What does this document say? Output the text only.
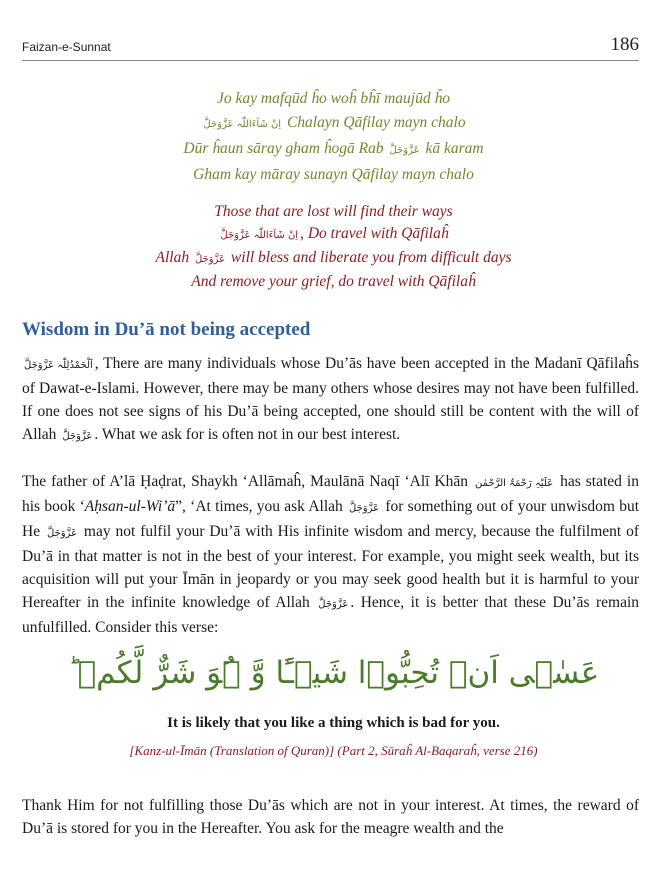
Faizan-e-Sunnat	186
Jo kay mafqūd ĥo woĥ bĥī maujūd ĥo
اِنْ شَآءَاللّٰہ عَزَّوَجَلَّ Chalayn Qāfilay mayn chalo
Dūr ĥaun sāray gham ĥogā Rab عَزَّوَجَلَّ kā karam
Gham kay māray sunayn Qāfilay mayn chalo
Those that are lost will find their ways
اِنْ شَآءَاللّٰہ عَزَّوَجَلَّ , Do travel with Qāfilaĥ
Allah عَزَّوَجَلَّ will bless and liberate you from difficult days
And remove your grief, do travel with Qāfilaĥ
Wisdom in Du’ā not being accepted
اَلْحَمْدُلِلّٰہ عَزَّوَجَلَّ , There are many individuals whose Du’ās have been accepted in the Madanī Qāfilaĥs of Dawat-e-Islami. However, there may be many others whose desires may not have been fulfilled. If one does not see signs of his Du’ā being accepted, one should still be content with the will of Allah عَزَّوَجَلَّ . What we ask for is often not in our best interest.
The father of A’lā Ḥaḍrat, Shaykh ‘Allāmaĥ, Maulānā Naqī ‘Alī Khān عَلَیْہِ رَحْمَۃُ الرَّحْمٰن has stated in his book ‘Aḥsan-ul-Wi’ā”, ‘At times, you ask Allah عَزَّوَجَلَّ for something out of your unwisdom but He عَزَّوَجَلَّ may not fulfil your Du’ā with His infinite wisdom and mercy, because the fulfilment of Du’ā in that matter is not in the best of your interest. For example, you might seek wealth, but its acquisition will put your Īmān in jeopardy or you may seek good health but it is harmful to your Hereafter in the infinite knowledge of Allah عَزَّوَجَلَّ . Hence, it is better that these Du’ās remain unfulfilled. Consider this verse:
عَسٰۤی اَنۡ تُحِبُّوۡا شَیۡـًٔا وَّ ہُوَ شَرٌّ لَّکُمۡ ؕ
It is likely that you like a thing which is bad for you.
[Kanz-ul-Īmān (Translation of Quran)] (Part 2, Sūraĥ Al-Baqaraĥ, verse 216)
Thank Him for not fulfilling those Du’ās which are not in your interest. At times, the reward of Du’ā is stored for you in the Hereafter. You ask for the meagre wealth and the
